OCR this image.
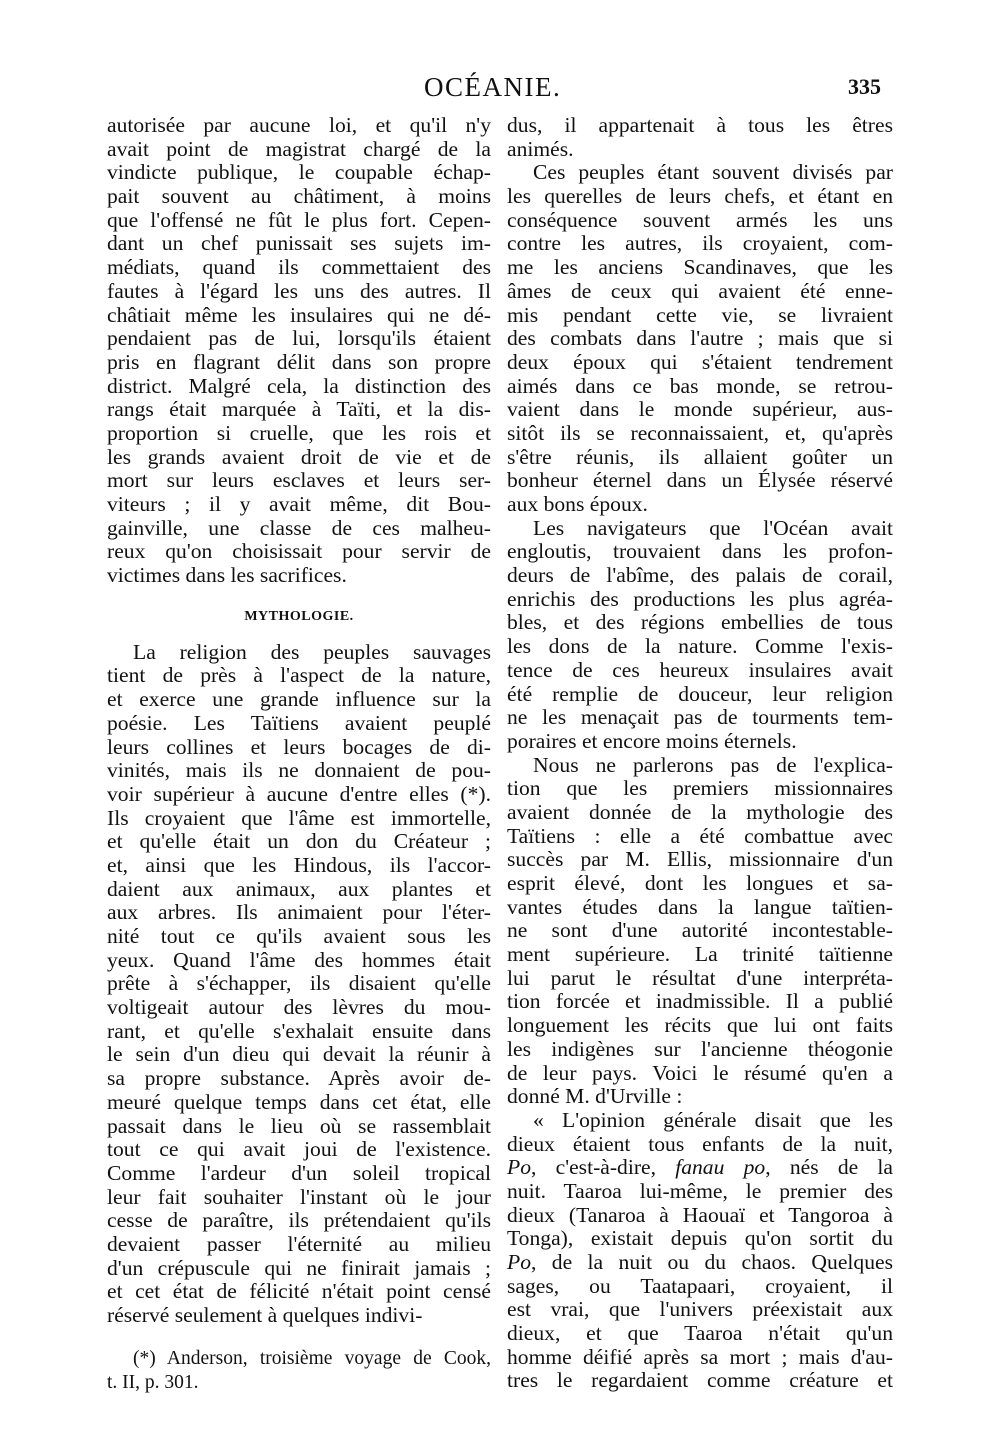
OCÉANIE.	335
autorisée par aucune loi, et qu'il n'y
avait point de magistrat chargé de la
vindicte publique, le coupable échap-
pait souvent au châtiment, à moins
que l'offensé ne fût le plus fort. Cepen-
dant un chef punissait ses sujets im-
médiats, quand ils commettaient des
fautes à l'égard les uns des autres. Il
châtiait même les insulaires qui ne dé-
pendaient pas de lui, lorsqu'ils étaient
pris en flagrant délit dans son propre
district. Malgré cela, la distinction des
rangs était marquée à Taïti, et la dis-
proportion si cruelle, que les rois et
les grands avaient droit de vie et de
mort sur leurs esclaves et leurs ser-
viteurs ; il y avait même, dit Bou-
gainville, une classe de ces malheu-
reux qu'on choisissait pour servir de
victimes dans les sacrifices.
MYTHOLOGIE.
La religion des peuples sauvages
tient de près à l'aspect de la nature,
et exerce une grande influence sur la
poésie. Les Taïtiens avaient peuplé
leurs collines et leurs bocages de di-
vinités, mais ils ne donnaient de pou-
voir supérieur à aucune d'entre elles (*).
Ils croyaient que l'âme est immortelle,
et qu'elle était un don du Créateur ;
et, ainsi que les Hindous, ils l'accor-
daient aux animaux, aux plantes et
aux arbres. Ils animaient pour l'éter-
nité tout ce qu'ils avaient sous les
yeux. Quand l'âme des hommes était
prête à s'échapper, ils disaient qu'elle
voltigeait autour des lèvres du mou-
rant, et qu'elle s'exhalait ensuite dans
le sein d'un dieu qui devait la réunir à
sa propre substance. Après avoir de-
meuré quelque temps dans cet état, elle
passait dans le lieu où se rassemblait
tout ce qui avait joui de l'existence.
Comme l'ardeur d'un soleil tropical
leur fait souhaiter l'instant où le jour
cesse de paraître, ils prétendaient qu'ils
devaient passer l'éternité au milieu
d'un crépuscule qui ne finirait jamais ;
et cet état de félicité n'était point censé
réservé seulement à quelques indivi-
(*) Anderson, troisième voyage de Cook,
t. II, p. 301.
dus, il appartenait à tous les êtres
animés.
Ces peuples étant souvent divisés par
les querelles de leurs chefs, et étant en
conséquence souvent armés les uns
contre les autres, ils croyaient, com-
me les anciens Scandinaves, que les
âmes de ceux qui avaient été enne-
mis pendant cette vie, se livraient
des combats dans l'autre ; mais que si
deux époux qui s'étaient tendrement
aimés dans ce bas monde, se retrou-
vaient dans le monde supérieur, aus-
sitôt ils se reconnaissaient, et, qu'après
s'être réunis, ils allaient goûter un
bonheur éternel dans un Élysée réservé
aux bons époux.
Les navigateurs que l'Océan avait
engloutis, trouvaient dans les profon-
deurs de l'abîme, des palais de corail,
enrichis des productions les plus agréa-
bles, et des régions embellies de tous
les dons de la nature. Comme l'exis-
tence de ces heureux insulaires avait
été remplie de douceur, leur religion
ne les menaçait pas de tourments tem-
poraires et encore moins éternels.
Nous ne parlerons pas de l'explica-
tion que les premiers missionnaires
avaient donnée de la mythologie des
Taïtiens : elle a été combattue avec
succès par M. Ellis, missionnaire d'un
esprit élevé, dont les longues et sa-
vantes études dans la langue taïtien-
ne sont d'une autorité incontestable-
ment supérieure. La trinité taïtienne
lui parut le résultat d'une interpréta-
tion forcée et inadmissible. Il a publié
longuement les récits que lui ont faits
les indigènes sur l'ancienne théogonie
de leur pays. Voici le résumé qu'en a
donné M. d'Urville :
« L'opinion générale disait que les
dieux étaient tous enfants de la nuit,
Po, c'est-à-dire, fanau po, nés de la
nuit. Taaroa lui-même, le premier des
dieux (Tanaroa à Haouaï et Tangoroa à
Tonga), existait depuis qu'on sortit du
Po, de la nuit ou du chaos. Quelques
sages, ou Taatapaari, croyaient, il
est vrai, que l'univers préexistait aux
dieux, et que Taaroa n'était qu'un
homme déifié après sa mort ; mais d'au-
tres le regardaient comme créature et
